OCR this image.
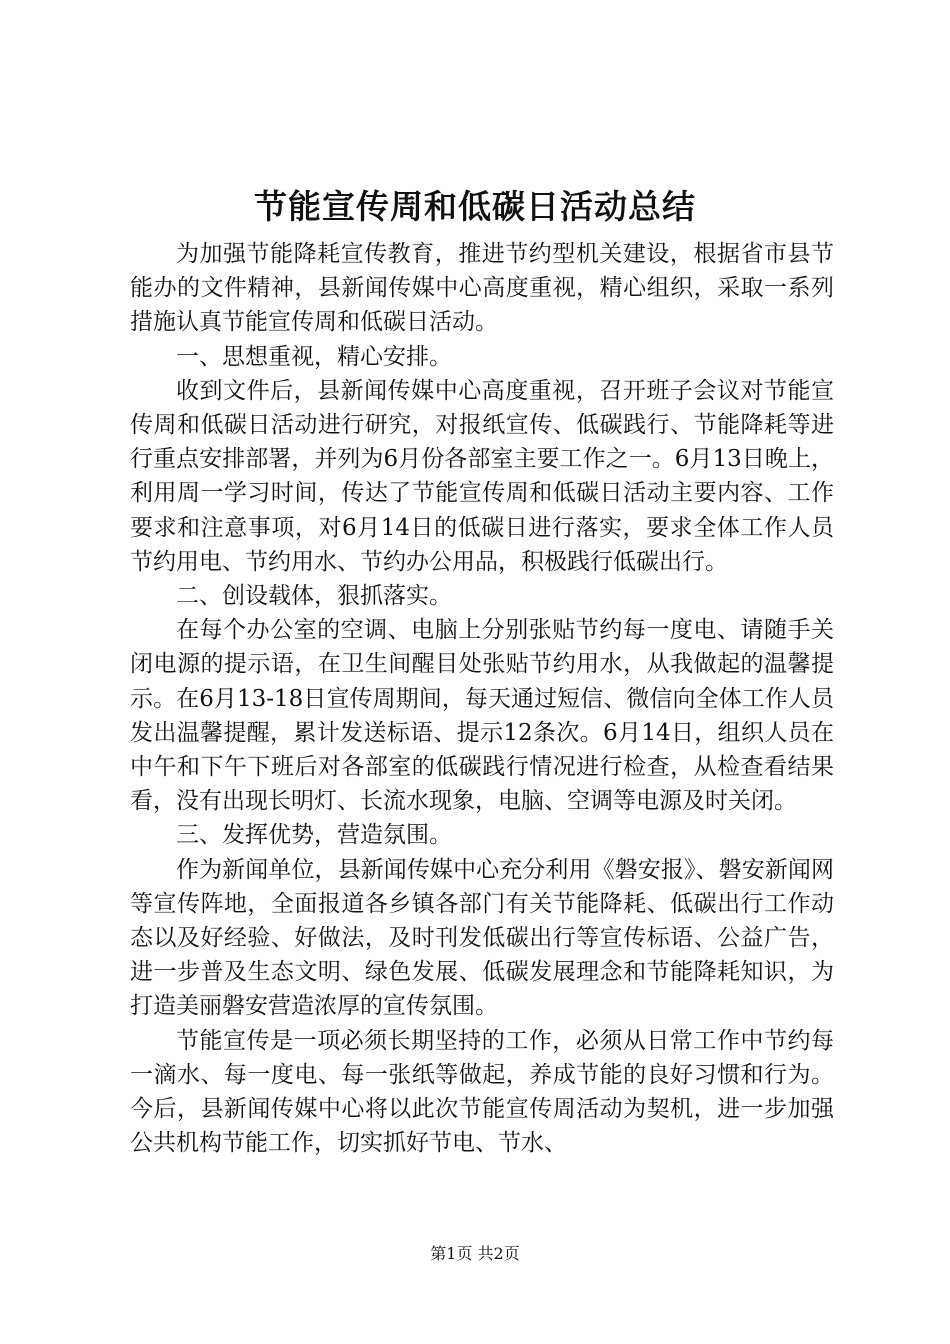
节能宣传周和低碳日活动总结

为加强节能降耗宣传教育，推进节约型机关建设，根据省市县节能办的文件精神，县新闻传媒中心高度重视，精心组织，采取一系列措施认真节能宣传周和低碳日活动。

一、思想重视，精心安排。

收到文件后，县新闻传媒中心高度重视，召开班子会议对节能宣传周和低碳日活动进行研究，对报纸宣传、低碳践行、节能降耗等进行重点安排部署，并列为6月份各部室主要工作之一。6月13日晚上，利用周一学习时间，传达了节能宣传周和低碳日活动主要内容、工作要求和注意事项，对6月14日的低碳日进行落实，要求全体工作人员节约用电、节约用水、节约办公用品，积极践行低碳出行。

二、创设载体，狠抓落实。

在每个办公室的空调、电脑上分别张贴节约每一度电、请随手关闭电源的提示语，在卫生间醒目处张贴节约用水，从我做起的温馨提示。在6月13-18日宣传周期间，每天通过短信、微信向全体工作人员发出温馨提醒，累计发送标语、提示12条次。6月14日，组织人员在中午和下午下班后对各部室的低碳践行情况进行检查，从检查看结果看，没有出现长明灯、长流水现象，电脑、空调等电源及时关闭。

三、发挥优势，营造氛围。

作为新闻单位，县新闻传媒中心充分利用《磐安报》、磐安新闻网等宣传阵地，全面报道各乡镇各部门有关节能降耗、低碳出行工作动态以及好经验、好做法，及时刊发低碳出行等宣传标语、公益广告，进一步普及生态文明、绿色发展、低碳发展理念和节能降耗知识，为打造美丽磐安营造浓厚的宣传氛围。

节能宣传是一项必须长期坚持的工作，必须从日常工作中节约每一滴水、每一度电、每一张纸等做起，养成节能的良好习惯和行为。今后，县新闻传媒中心将以此次节能宣传周活动为契机，进一步加强公共机构节能工作，切实抓好节电、节水、

第1页 共2页
